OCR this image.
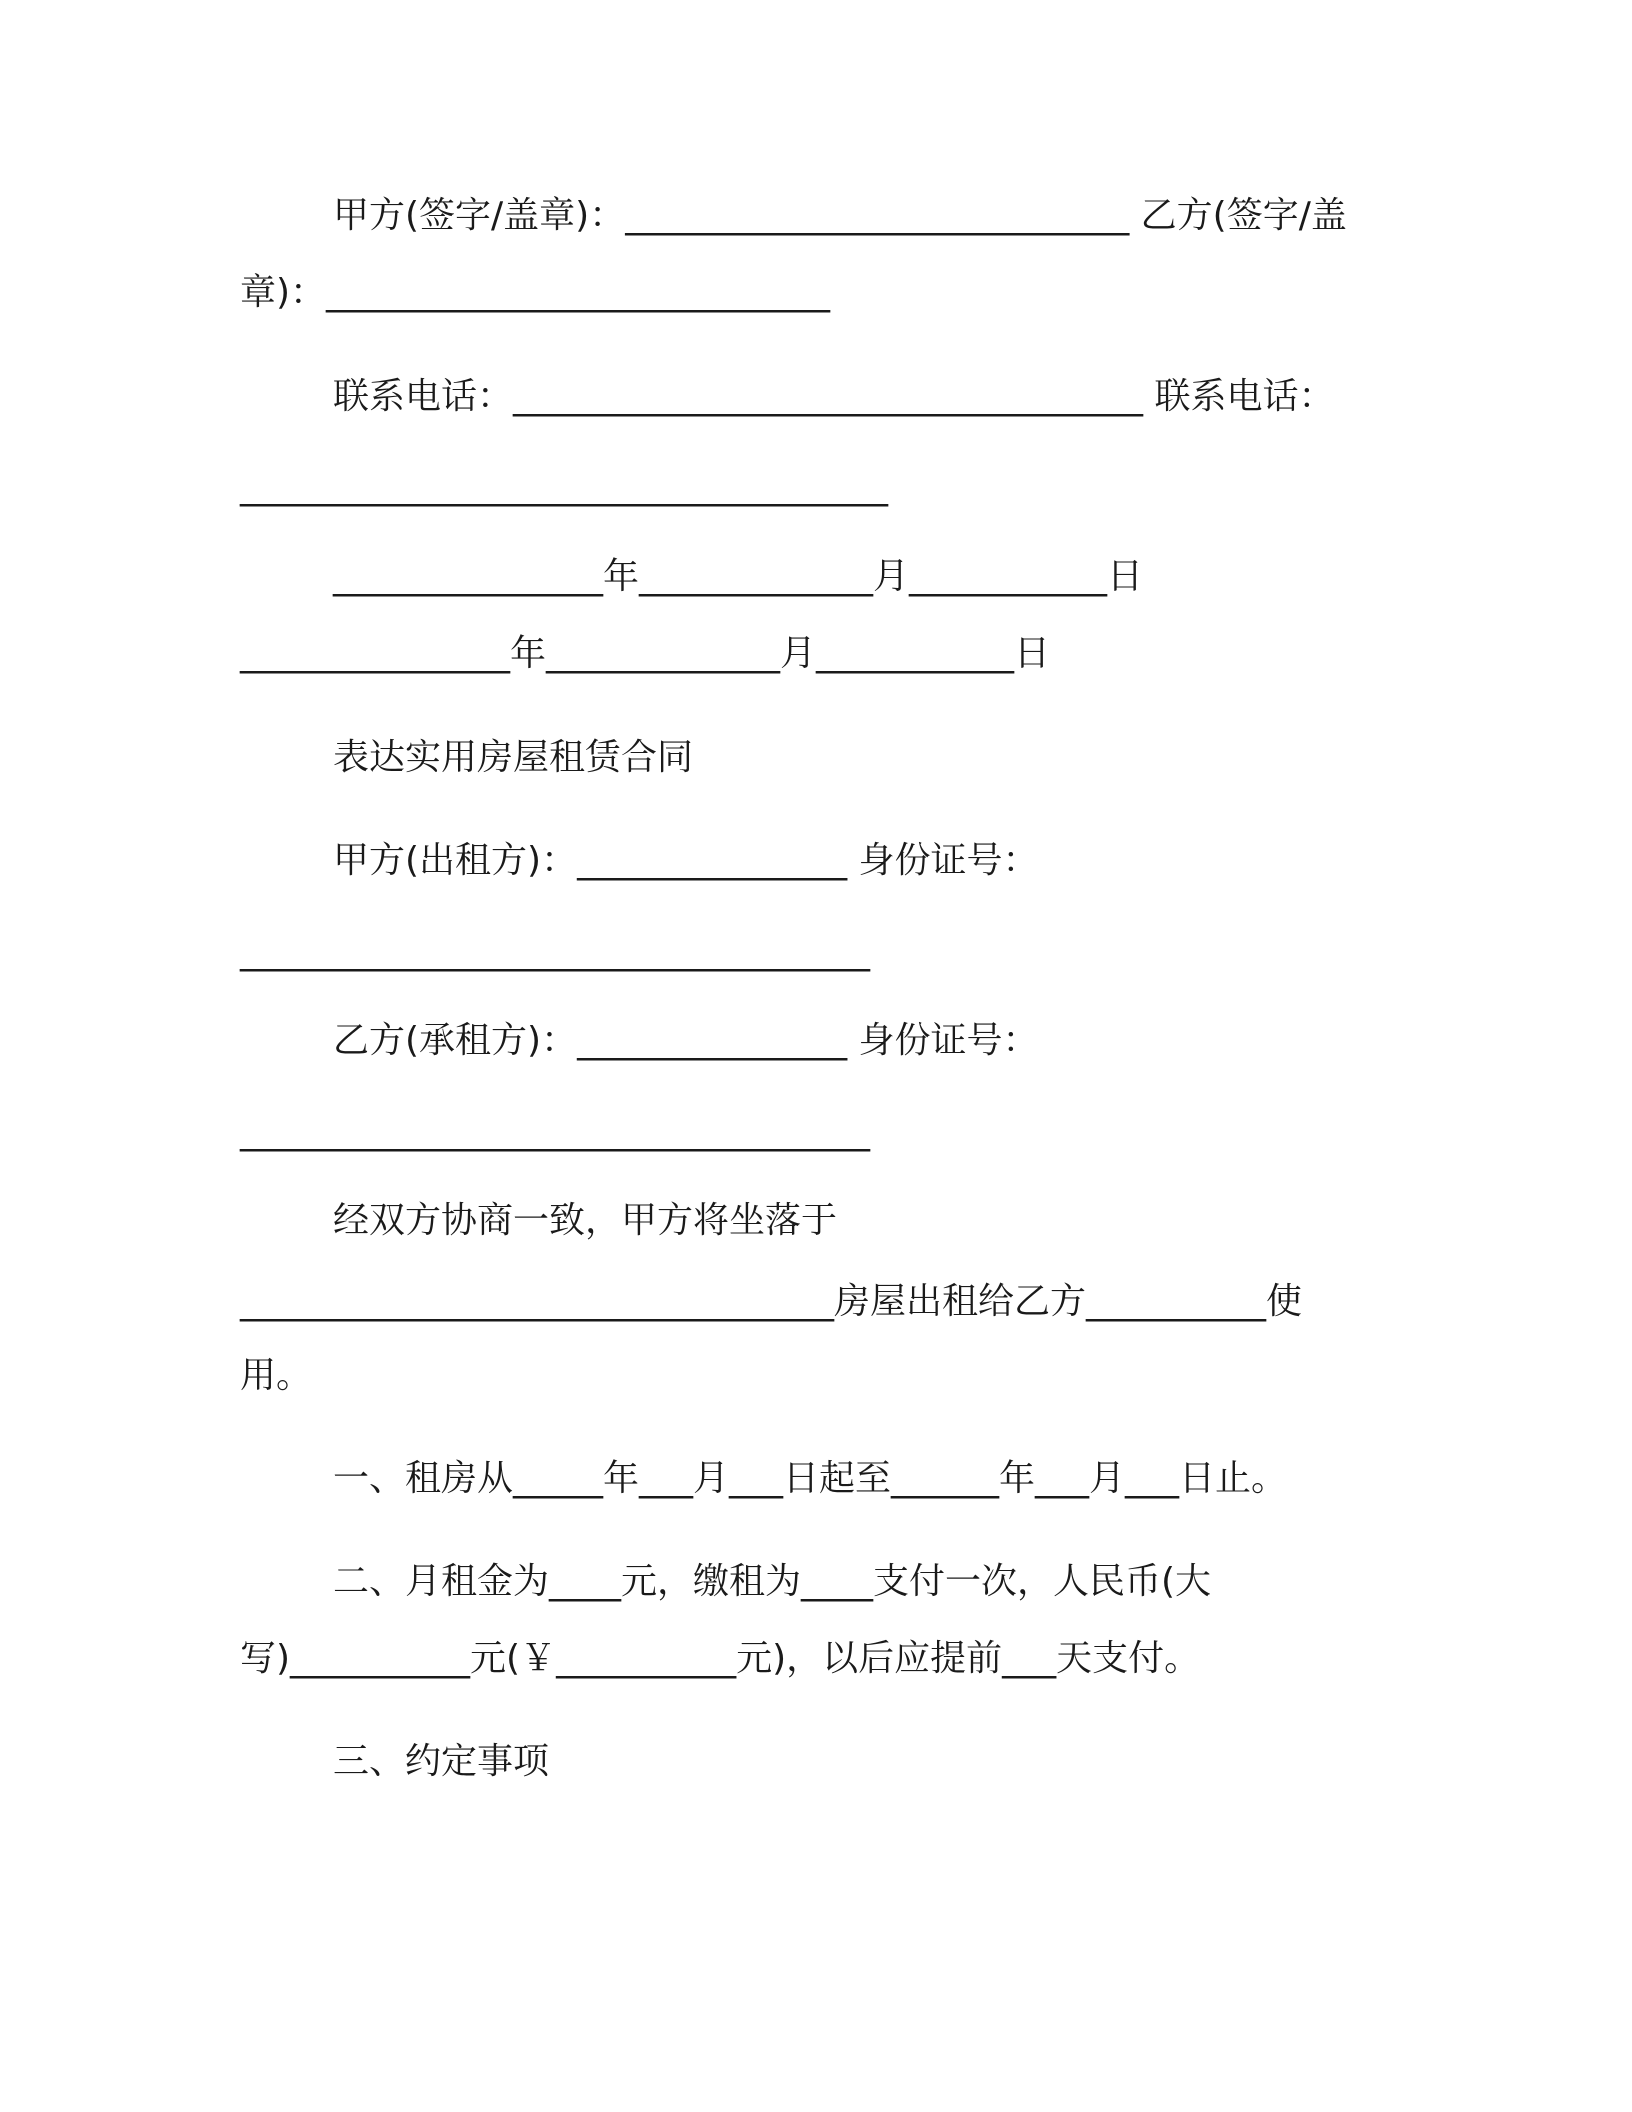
甲方(签字/盖章)：____________________________ 乙方(签字/盖
章)：____________________________
联系电话：___________________________________ 联系电话：
____________________________________
_______________年_____________月___________日
_______________年_____________月___________日
表达实用房屋租赁合同
甲方(出租方)：_______________ 身份证号：
___________________________________
乙方(承租方)：_______________ 身份证号：
___________________________________
经双方协商一致，甲方将坐落于
_________________________________房屋出租给乙方__________使
用。
一、租房从_____年___月___日起至______年___月___日止。
二、月租金为____元，缴租为____支付一次，人民币(大
写)__________元(￥__________元)，以后应提前___天支付。
三、约定事项
